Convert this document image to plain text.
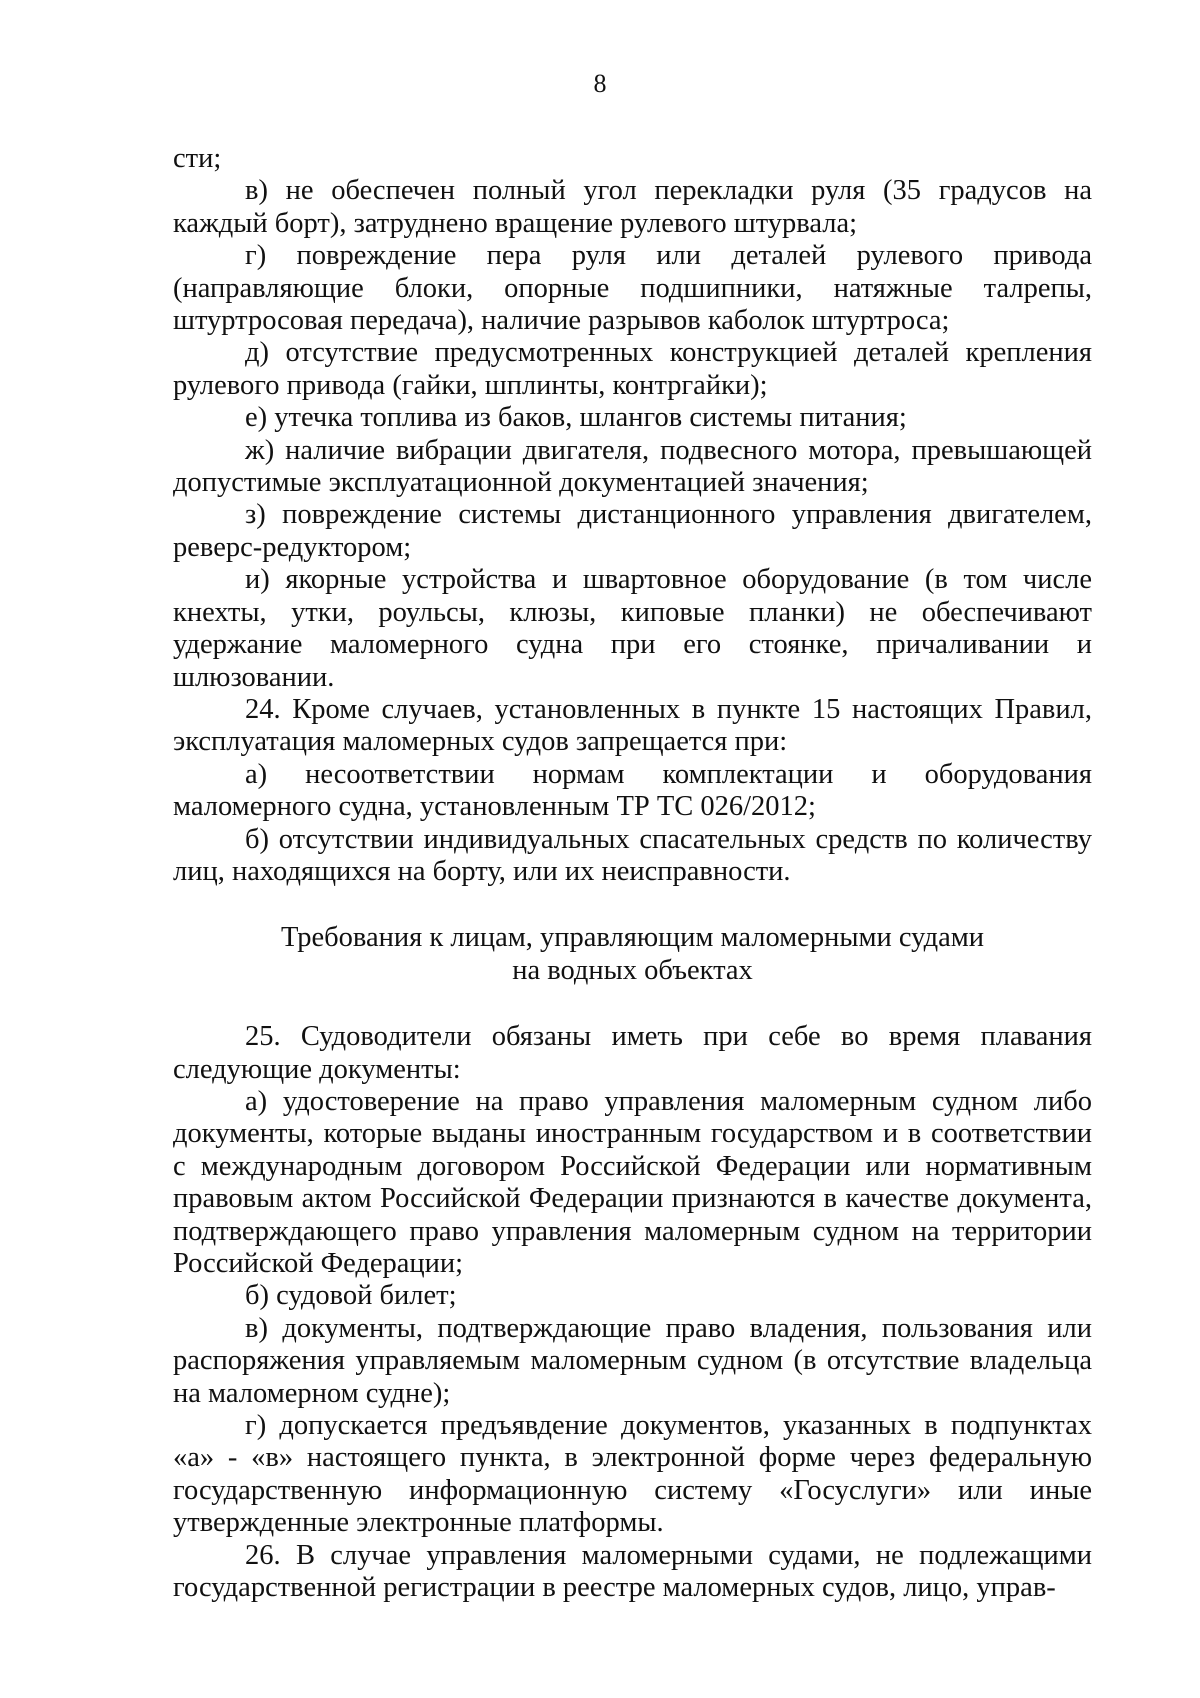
8

сти;

в) не обеспечен полный угол перекладки руля (35 градусов на каждый борт), затруднено вращение рулевого штурвала;

г) повреждение пера руля или деталей рулевого привода (направляющие блоки, опорные подшипники, натяжные талрепы, штуртросовая передача), наличие разрывов каболок штуртроса;

д) отсутствие предусмотренных конструкцией деталей крепления рулевого привода (гайки, шплинты, контргайки);

е) утечка топлива из баков, шлангов системы питания;

ж) наличие вибрации двигателя, подвесного мотора, превышающей допустимые эксплуатационной документацией значения;

з) повреждение системы дистанционного управления двигателем, реверс-редуктором;

и) якорные устройства и швартовное оборудование (в том числе кнехты, утки, роульсы, клюзы, киповые планки) не обеспечивают удержание маломерного судна при его стоянке, причаливании и шлюзовании.

24. Кроме случаев, установленных в пункте 15 настоящих Правил, эксплуатация маломерных судов запрещается при:

а) несоответствии нормам комплектации и оборудования маломерного судна, установленным ТР ТС 026/2012;

б) отсутствии индивидуальных спасательных средств по количеству лиц, находящихся на борту, или их неисправности.

Требования к лицам, управляющим маломерными судами

на водных объектах

25. Судоводители обязаны иметь при себе во время плавания следующие документы:

а) удостоверение на право управления маломерным судном либо документы, которые выданы иностранным государством и в соответствии с международным договором Российской Федерации или нормативным правовым актом Российской Федерации признаются в качестве документа, подтверждающего право управления маломерным судном на территории Российской Федерации;

б) судовой билет;

в) документы, подтверждающие право владения, пользования или распоряжения управляемым маломерным судном (в отсутствие владельца на маломерном судне);

г) допускается предъявдение документов, указанных в подпунктах «а» - «в» настоящего пункта, в электронной форме через федеральную государственную информационную систему «Госуслуги» или иные утвержденные электронные платформы.

26. В случае управления маломерными судами, не подлежащими государственной регистрации в реестре маломерных судов, лицо, управ-
